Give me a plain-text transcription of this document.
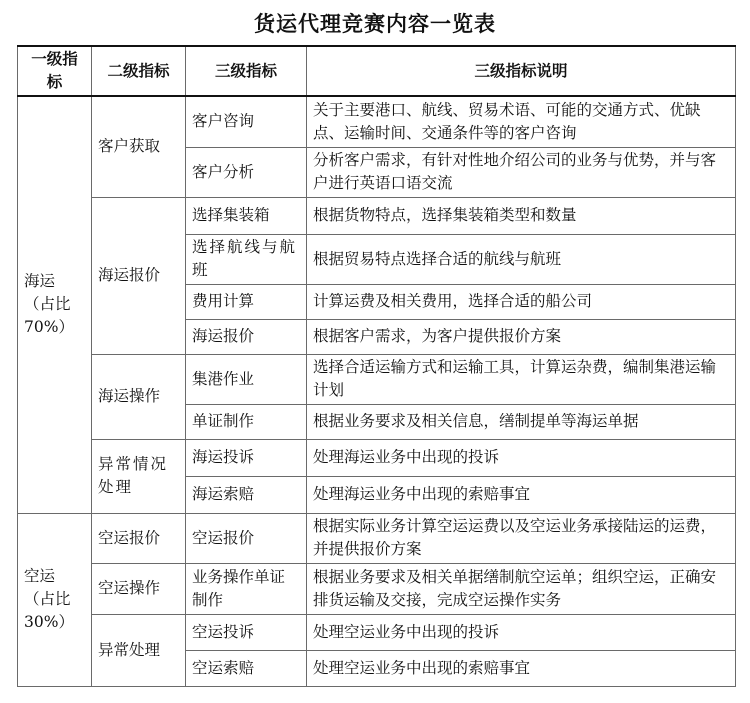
货运代理竞赛内容一览表
一级指标	二级指标	三级指标	三级指标说明
海运（占比70%）	客户获取	客户咨询	关于主要港口、航线、贸易术语、可能的交通方式、优缺点、运输时间、交通条件等的客户咨询
		客户分析	分析客户需求，有针对性地介绍公司的业务与优势，并与客户进行英语口语交流
	海运报价	选择集装箱	根据货物特点，选择集装箱类型和数量
		选择航线与航班	根据贸易特点选择合适的航线与航班
		费用计算	计算运费及相关费用，选择合适的船公司
		海运报价	根据客户需求，为客户提供报价方案
	海运操作	集港作业	选择合适运输方式和运输工具，计算运杂费，编制集港运输计划
		单证制作	根据业务要求及相关信息，缮制提单等海运单据
	异常情况处理	海运投诉	处理海运业务中出现的投诉
		海运索赔	处理海运业务中出现的索赔事宜
空运（占比30%）	空运报价	空运报价	根据实际业务计算空运运费以及空运业务承接陆运的运费，并提供报价方案
	空运操作	业务操作单证制作	根据业务要求及相关单据缮制航空运单；组织空运，正确安排货运输及交接，完成空运操作实务
	异常处理	空运投诉	处理空运业务中出现的投诉
		空运索赔	处理空运业务中出现的索赔事宜
